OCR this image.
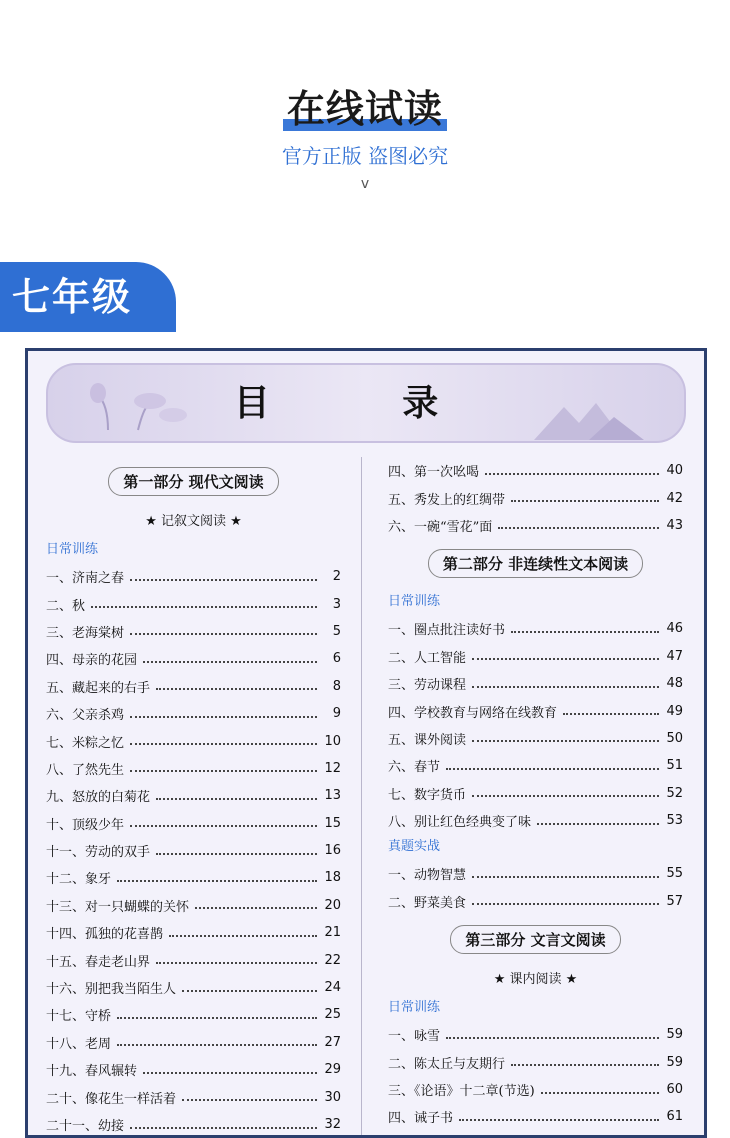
在线试读
官方正版 盗图必究
v
七年级
目 录
第一部分 现代文阅读
★ 记叙文阅读 ★
日常训练
一、济南之春	2
二、秋	3
三、老海棠树	5
四、母亲的花园	6
五、藏起来的右手	8
六、父亲杀鸡	9
七、米粽之忆	10
八、了然先生	12
九、怒放的白菊花	13
十、顶级少年	15
十一、劳动的双手	16
十二、象牙	18
十三、对一只蝴蝶的关怀	20
十四、孤独的花喜鹊	21
十五、春走老山界	22
十六、别把我当陌生人	24
十七、守桥	25
十八、老周	27
十九、春风辗转	29
二十、像花生一样活着	30
二十一、幼接	32
四、第一次吆喝	40
五、秀发上的红绸带	42
六、一碗“雪花”面	43
第二部分 非连续性文本阅读
日常训练
一、圈点批注读好书	46
二、人工智能	47
三、劳动课程	48
四、学校教育与网络在线教育	49
五、课外阅读	50
六、春节	51
七、数字货币	52
八、别让红色经典变了味	53
真题实战
一、动物智慧	55
二、野菜美食	57
第三部分 文言文阅读
★ 课内阅读 ★
日常训练
一、咏雪	59
二、陈太丘与友期行	59
三、《论语》十二章(节选)	60
四、诫子书	61
